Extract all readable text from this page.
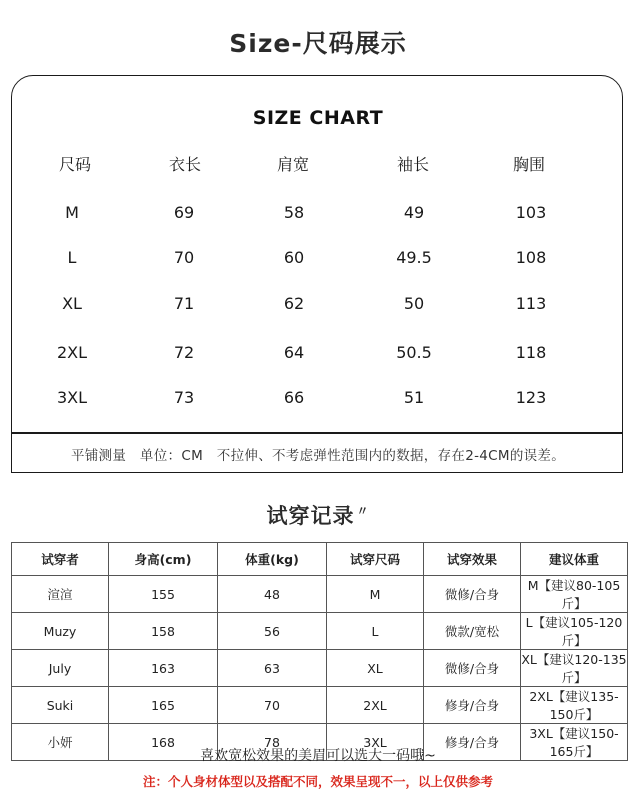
Size-尺码展示
SIZE CHART
尺码	衣长	肩宽	袖长	胸围
M	69	58	49	103
L	70	60	49.5	108
XL	71	62	50	113
2XL	72	64	50.5	118
3XL	73	66	51	123
平铺测量　单位：CM　不拉伸、不考虑弹性范围内的数据，存在2-4CM的误差。
试穿记录 〃
试穿者	身高(cm)	体重(kg)	试穿尺码	试穿效果	建议体重
渲渲	155	48	M	微修/合身	M【建议80-105斤】
Muzy	158	56	L	微款/宽松	L【建议105-120斤】
July	163	63	XL	微修/合身	XL【建议120-135斤】
Suki	165	70	2XL	修身/合身	2XL【建议135-150斤】
小妍	168	78	3XL	修身/合身	3XL【建议150-165斤】
喜欢宽松效果的美眉可以选大一码哦~
注：个人身材体型以及搭配不同，效果呈现不一，以上仅供参考
